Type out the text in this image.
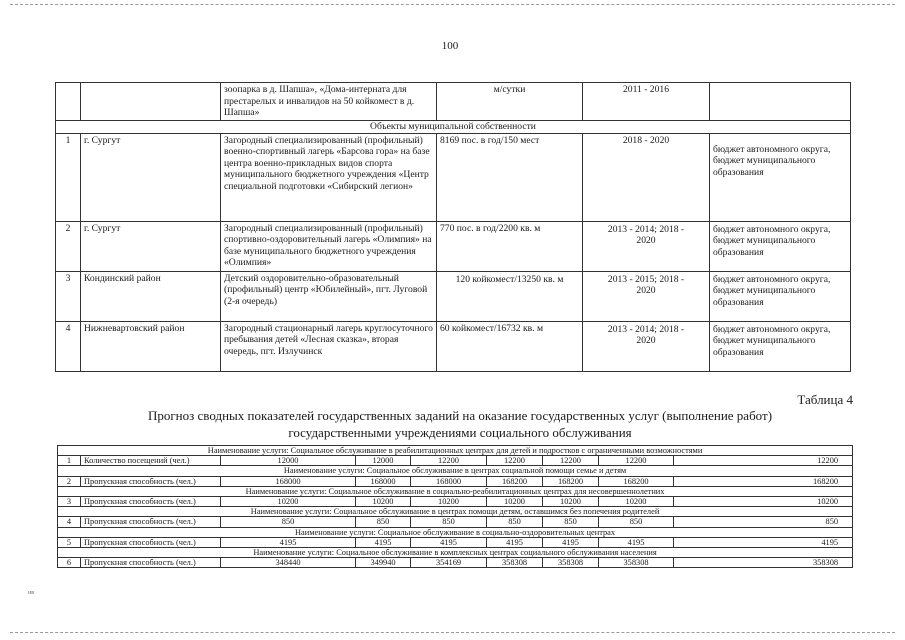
100
		зоопарка в д. Шапша», «Дома-интерната для престарелых и инвалидов на 50 койкомест в д. Шапша»	м/сутки	2011 - 2016	
Объекты муниципальной собственности					
1	г. Сургут	Загородный специализированный (профильный) военно-спортивный лагерь «Барсова гора» на базе центра военно-прикладных видов спорта муниципального бюджетного учреждения «Центр специальной подготовки «Сибирский легион»	8169 пос. в год/150 мест	2018 - 2020	бюджет автономного округа, бюджет муниципального образования
2	г. Сургут	Загородный специализированный (профильный) спортивно-оздоровительный лагерь «Олимпия» на базе муниципального бюджетного учреждения «Олимпия»	770 пос. в год/2200 кв. м	2013 - 2014; 2018 - 2020	бюджет автономного округа, бюджет муниципального образования
3	Кондинский район	Детский оздоровительно-образовательный (профильный) центр «Юбилейный», пгт. Луговой (2-я очередь)	120 койкомест/13250 кв. м	2013 - 2015; 2018 - 2020	бюджет автономного округа, бюджет муниципального образования
4	Нижневартовский район	Загородный стационарный лагерь круглосуточного пребывания детей «Лесная сказка», вторая очередь, пгт. Излучинск	60 койкомест/16732 кв. м	2013 - 2014; 2018 - 2020	бюджет автономного округа, бюджет муниципального образования
Таблица 4
Прогноз сводных показателей государственных заданий на оказание государственных услуг (выполнение работ)
государственными учреждениями социального обслуживания
Наименование услуги: Социальное обслуживание в реабилитационных центрах для детей и подростков с ограниченными возможностями								
1	Количество посещений (чел.)	12000	12000	12200	12200	12200	12200	12200
Наименование услуги: Социальное обслуживание в центрах социальной помощи семье и детям								
2	Пропускная способность (чел.)	168000	168000	168000	168200	168200	168200	168200
Наименование услуги: Социальное обслуживание в социально-реабилитационных центрах для несовершеннолетних								
3	Пропускная способность (чел.)	10200	10200	10200	10200	10200	10200	10200
Наименование услуги: Социальное обслуживание в центрах помощи детям, оставшимся без попечения родителей								
4	Пропускная способность (чел.)	850	850	850	850	850	850	850
Наименование услуги: Социальное обслуживание в социально-оздоровительных центрах								
5	Пропускная способность (чел.)	4195	4195	4195	4195	4195	4195	4195
Наименование услуги: Социальное обслуживание в комплексных центрах социального обслуживания населения								
6	Пропускная способность (чел.)	348440	349940	354169	358308	358308	358308	358308
нв
